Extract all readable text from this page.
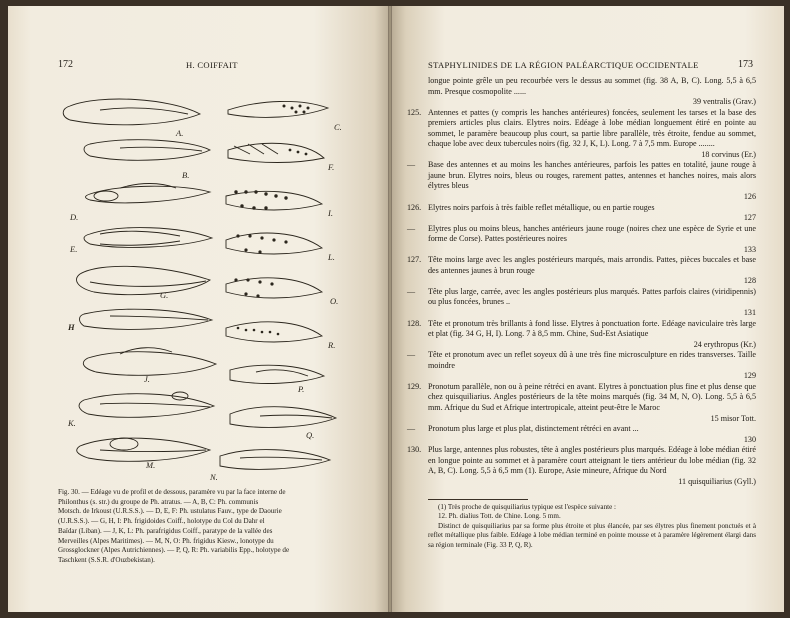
172	H. COIFFAIT
A.
B.
C.
D.
E.
F.
G.
H
I.
J.
K.
L.
M.
N.
O.
P.
Q.
R.
Fig. 30. — Edéage vu de profil et de dessous, paramère vu par la face interne de
Philonthus (s. str.) du groupe de Ph. atratus. — A, B, C: Ph. communis
Motsch. de Irkoust (U.R.S.S.). — D, E, F: Ph. ustulatus Fauv., type de Daourie
(U.R.S.S.). — G, H, I: Ph. frigidoides Coiff., holotype du Col du Dahr el
Baïdar (Liban). — J, K, L: Ph. parafrigidus Coiff., paratype de la vallée des
Merveilles (Alpes Maritimes). — M, N, O: Ph. frigidus Kiesw., lonotype du
Grossglockner (Alpes Autrichiennes). — P, Q, R: Ph. variabilis Epp., holotype de
Taschkent (S.S.R. d'Ouzbekistan).
STAPHYLINIDES DE LA RÉGION PALÉARCTIQUE OCCIDENTALE	173
longue pointe grêle un peu recourbée vers le dessus au sommet (fig. 38 A, B, C). Long. 5,5 à 6,5 mm. Presque cosmopolite ......
39 ventralis (Grav.)
125. Antennes et pattes (y compris les hanches antérieures) foncées, seulement les tarses et la base des premiers articles plus clairs. Elytres noirs. Edéage à lobe médian longuement étiré en pointe au sommet, le paramère beaucoup plus court, sa partie libre parallèle, très étroite, fendue au sommet, chaque lobe avec deux tubercules noirs (fig. 32 J, K, L). Long. 7 à 7,5 mm. Europe ........
18 corvinus (Er.)
— Base des antennes et au moins les hanches antérieures, parfois les pattes en totalité, jaune rouge à jaune brun. Elytres noirs, bleus ou rouges, rarement pattes, antennes et hanches noires, mais alors élytres bleus
126
126. Elytres noirs parfois à très faible reflet métallique, ou en partie rouges
127
— Elytres plus ou moins bleus, hanches antérieurs jaune rouge (noires chez une espèce de Syrie et une forme de Corse). Pattes postérieures noires
133
127. Tête moins large avec les angles postérieurs marqués, mais arrondis. Pattes, pièces buccales et base des antennes jaunes à brun rouge
128
— Tête plus large, carrée, avec les angles postérieurs plus marqués. Pattes parfois claires (viridipennis) ou plus foncées, brunes ..
131
128. Tête et pronotum très brillants à fond lisse. Elytres à ponctuation forte. Edéage naviculaire très large et plat (fig. 34 G, H, I). Long. 7 à 8,5 mm. Chine, Sud-Est Asiatique
24 erythropus (Kr.)
— Tête et pronotum avec un reflet soyeux dû à une très fine microsculpture en rides transverses. Taille moindre
129
129. Pronotum parallèle, non ou à peine rétréci en avant. Elytres à ponctuation plus fine et plus dense que chez quisquiliarius. Angles postérieurs de la tête moins marqués (fig. 34 M, N, O). Long. 5,5 à 6,5 mm. Afrique du Sud et Afrique intertropicale, atteint peut-être le Maroc
15 misor Tott.
— Pronotum plus large et plus plat, distinctement rétréci en avant ...
130
130. Plus large, antennes plus robustes, tête à angles postérieurs plus marqués. Edéage à lobe médian étiré en longue pointe au sommet et à paramère court atteignant le tiers antérieur du lobe médian (fig. 32 A, B, C). Long. 5,5 à 6,5 mm (1). Europe, Asie mineure, Afrique du Nord
11 quisquiliarius (Gyll.)
(1) Très proche de quisquiliarius typique est l'espèce suivante :
12. Ph. dialius Tott. de Chine. Long. 5 mm.
Distinct de quisquiliarius par sa forme plus étroite et plus élancée, par ses élytres plus finement ponctués et à reflet métallique plus faible. Edéage à lobe médian terminé en pointe mousse et à paramère légèrement élargi dans sa région terminale (Fig. 33 P, Q, R).
